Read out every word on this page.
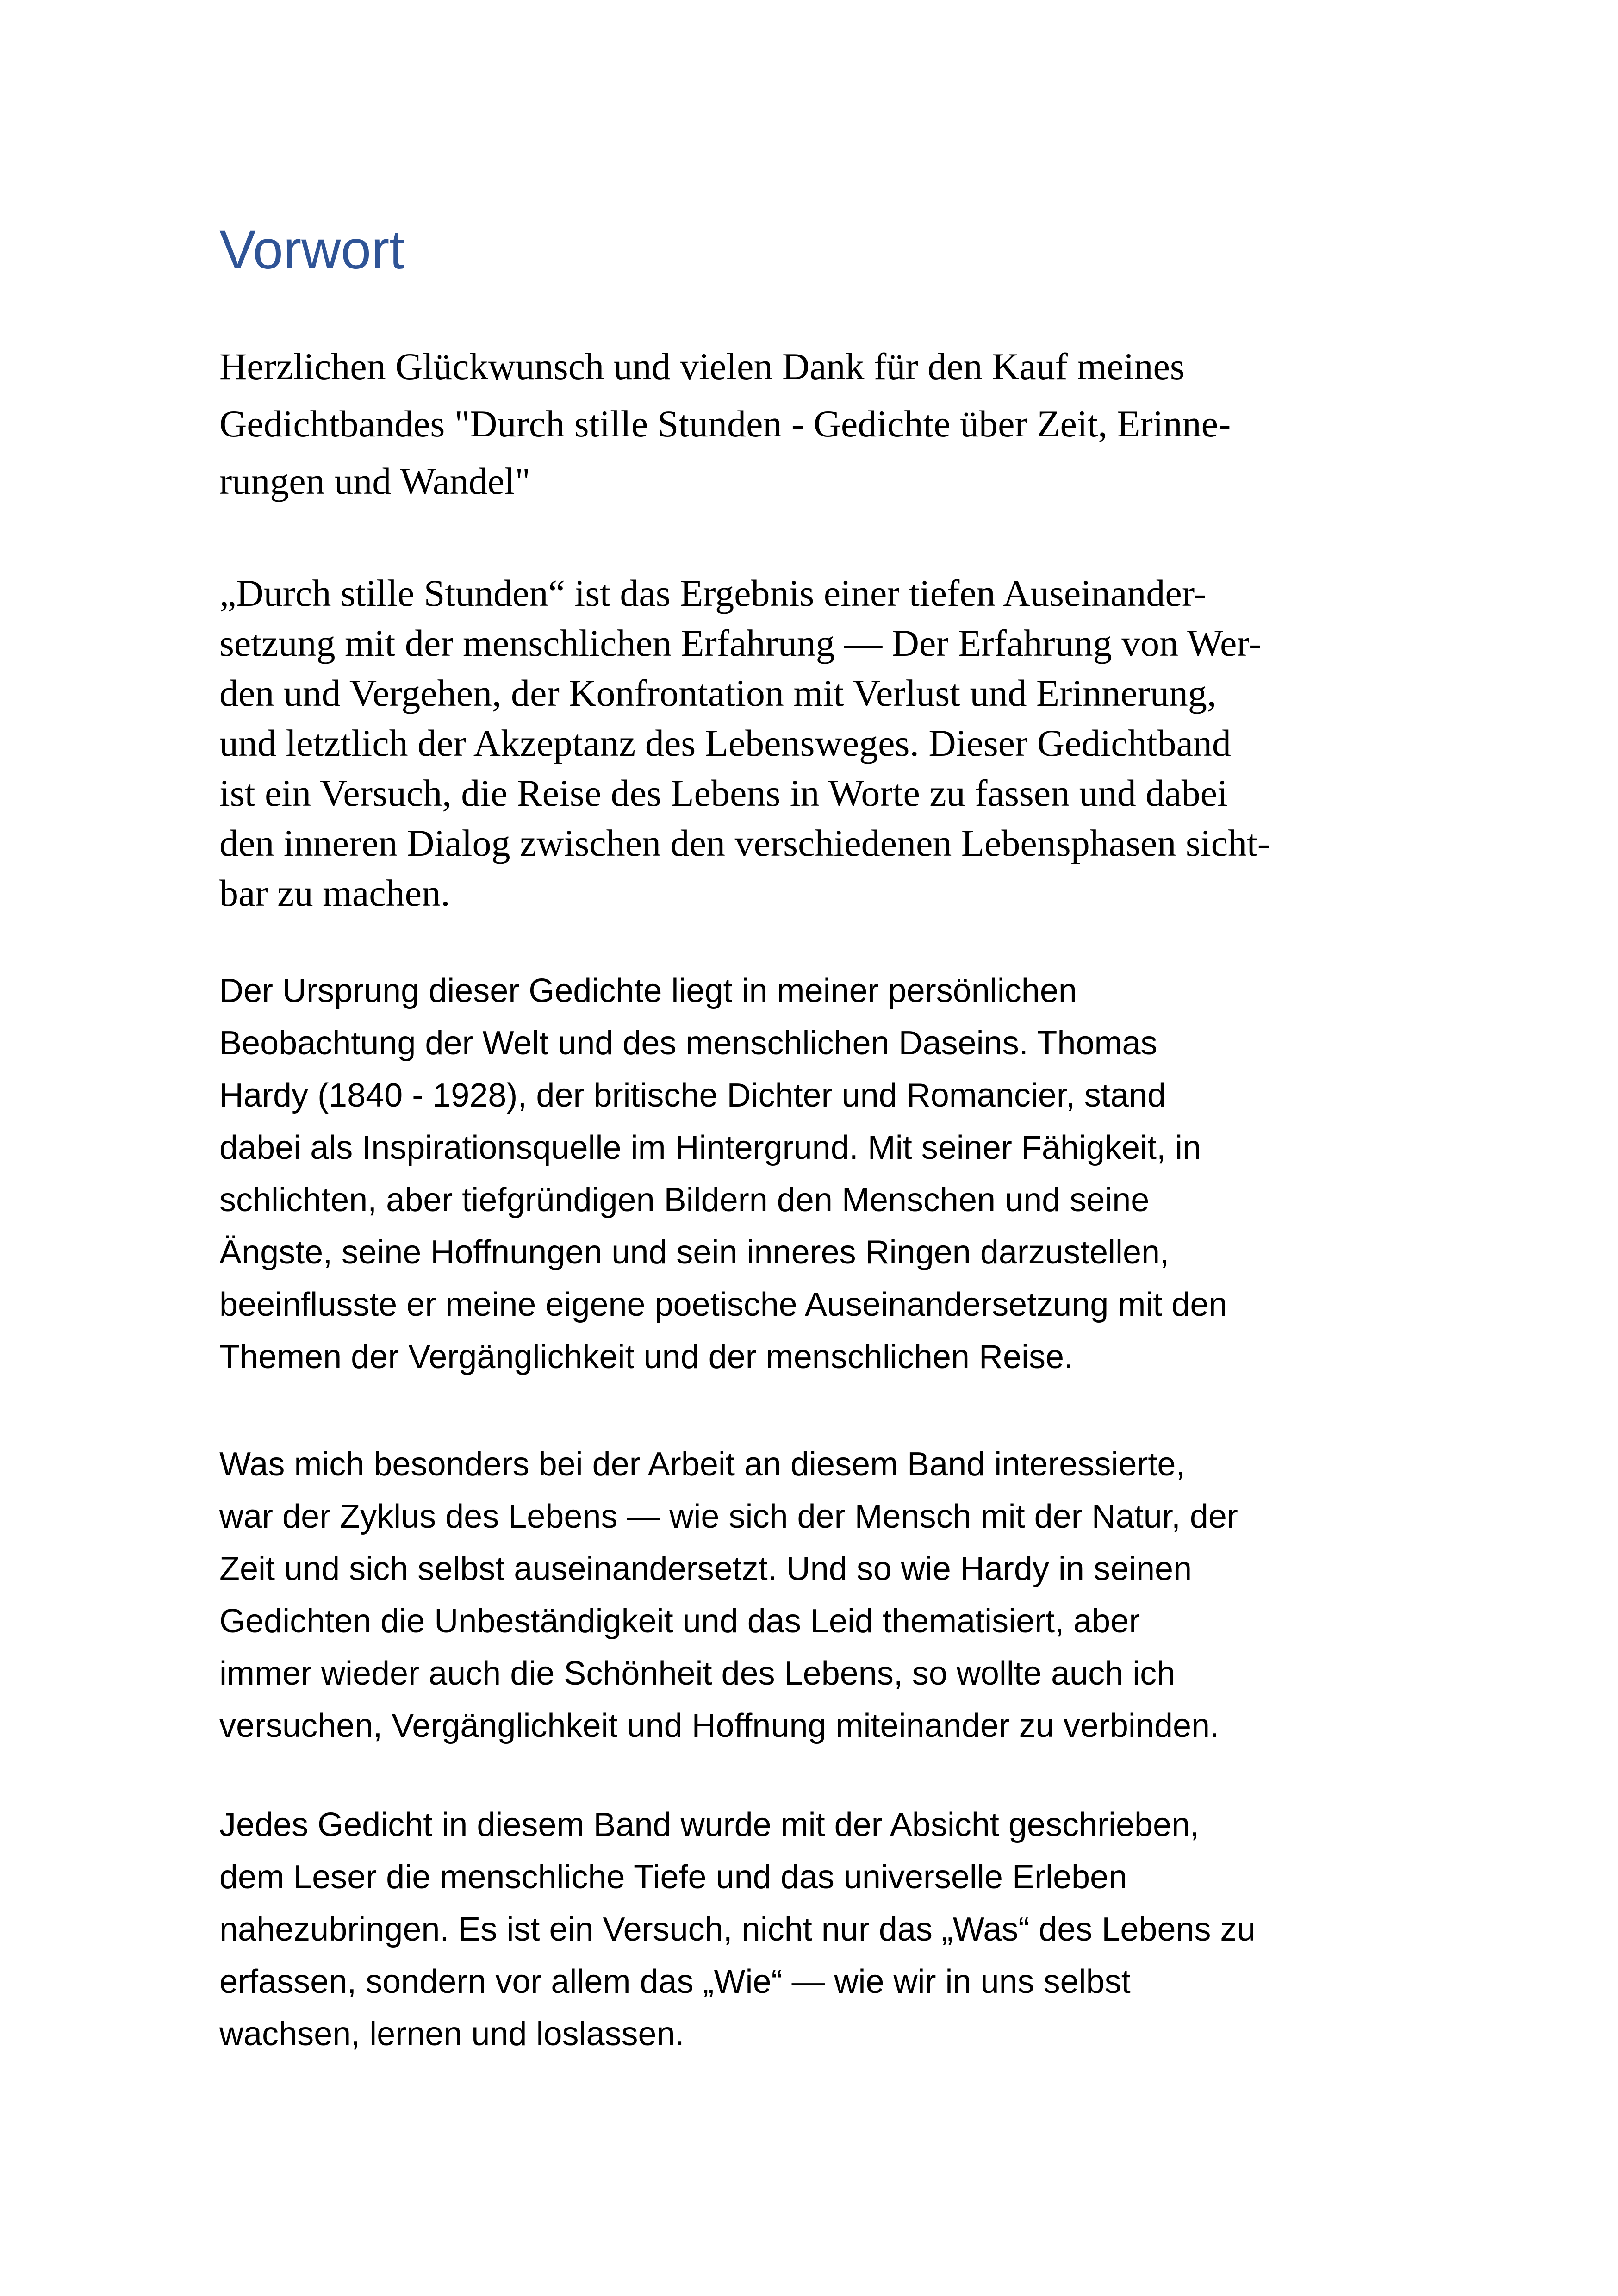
Vorwort
Herzlichen Glückwunsch und vielen Dank für den Kauf meines
Gedichtbandes "Durch stille Stunden - Gedichte über Zeit, Erinne-
rungen und Wandel"
„Durch stille Stunden“ ist das Ergebnis einer tiefen Auseinander-
setzung mit der menschlichen Erfahrung — Der Erfahrung von Wer-
den und Vergehen, der Konfrontation mit Verlust und Erinnerung,
und letztlich der Akzeptanz des Lebensweges. Dieser Gedichtband
ist ein Versuch, die Reise des Lebens in Worte zu fassen und dabei
den inneren Dialog zwischen den verschiedenen Lebensphasen sicht-
bar zu machen.
Der Ursprung dieser Gedichte liegt in meiner persönlichen
Beobachtung der Welt und des menschlichen Daseins. Thomas
Hardy (1840 - 1928), der britische Dichter und Romancier, stand
dabei als Inspirationsquelle im Hintergrund. Mit seiner Fähigkeit, in
schlichten, aber tiefgründigen Bildern den Menschen und seine
Ängste, seine Hoffnungen und sein inneres Ringen darzustellen,
beeinflusste er meine eigene poetische Auseinandersetzung mit den
Themen der Vergänglichkeit und der menschlichen Reise.
Was mich besonders bei der Arbeit an diesem Band interessierte,
war der Zyklus des Lebens — wie sich der Mensch mit der Natur, der
Zeit und sich selbst auseinandersetzt. Und so wie Hardy in seinen
Gedichten die Unbeständigkeit und das Leid thematisiert, aber
immer wieder auch die Schönheit des Lebens, so wollte auch ich
versuchen, Vergänglichkeit und Hoffnung miteinander zu verbinden.
Jedes Gedicht in diesem Band wurde mit der Absicht geschrieben,
dem Leser die menschliche Tiefe und das universelle Erleben
nahezubringen. Es ist ein Versuch, nicht nur das „Was“ des Lebens zu
erfassen, sondern vor allem das „Wie“ — wie wir in uns selbst
wachsen, lernen und loslassen.
